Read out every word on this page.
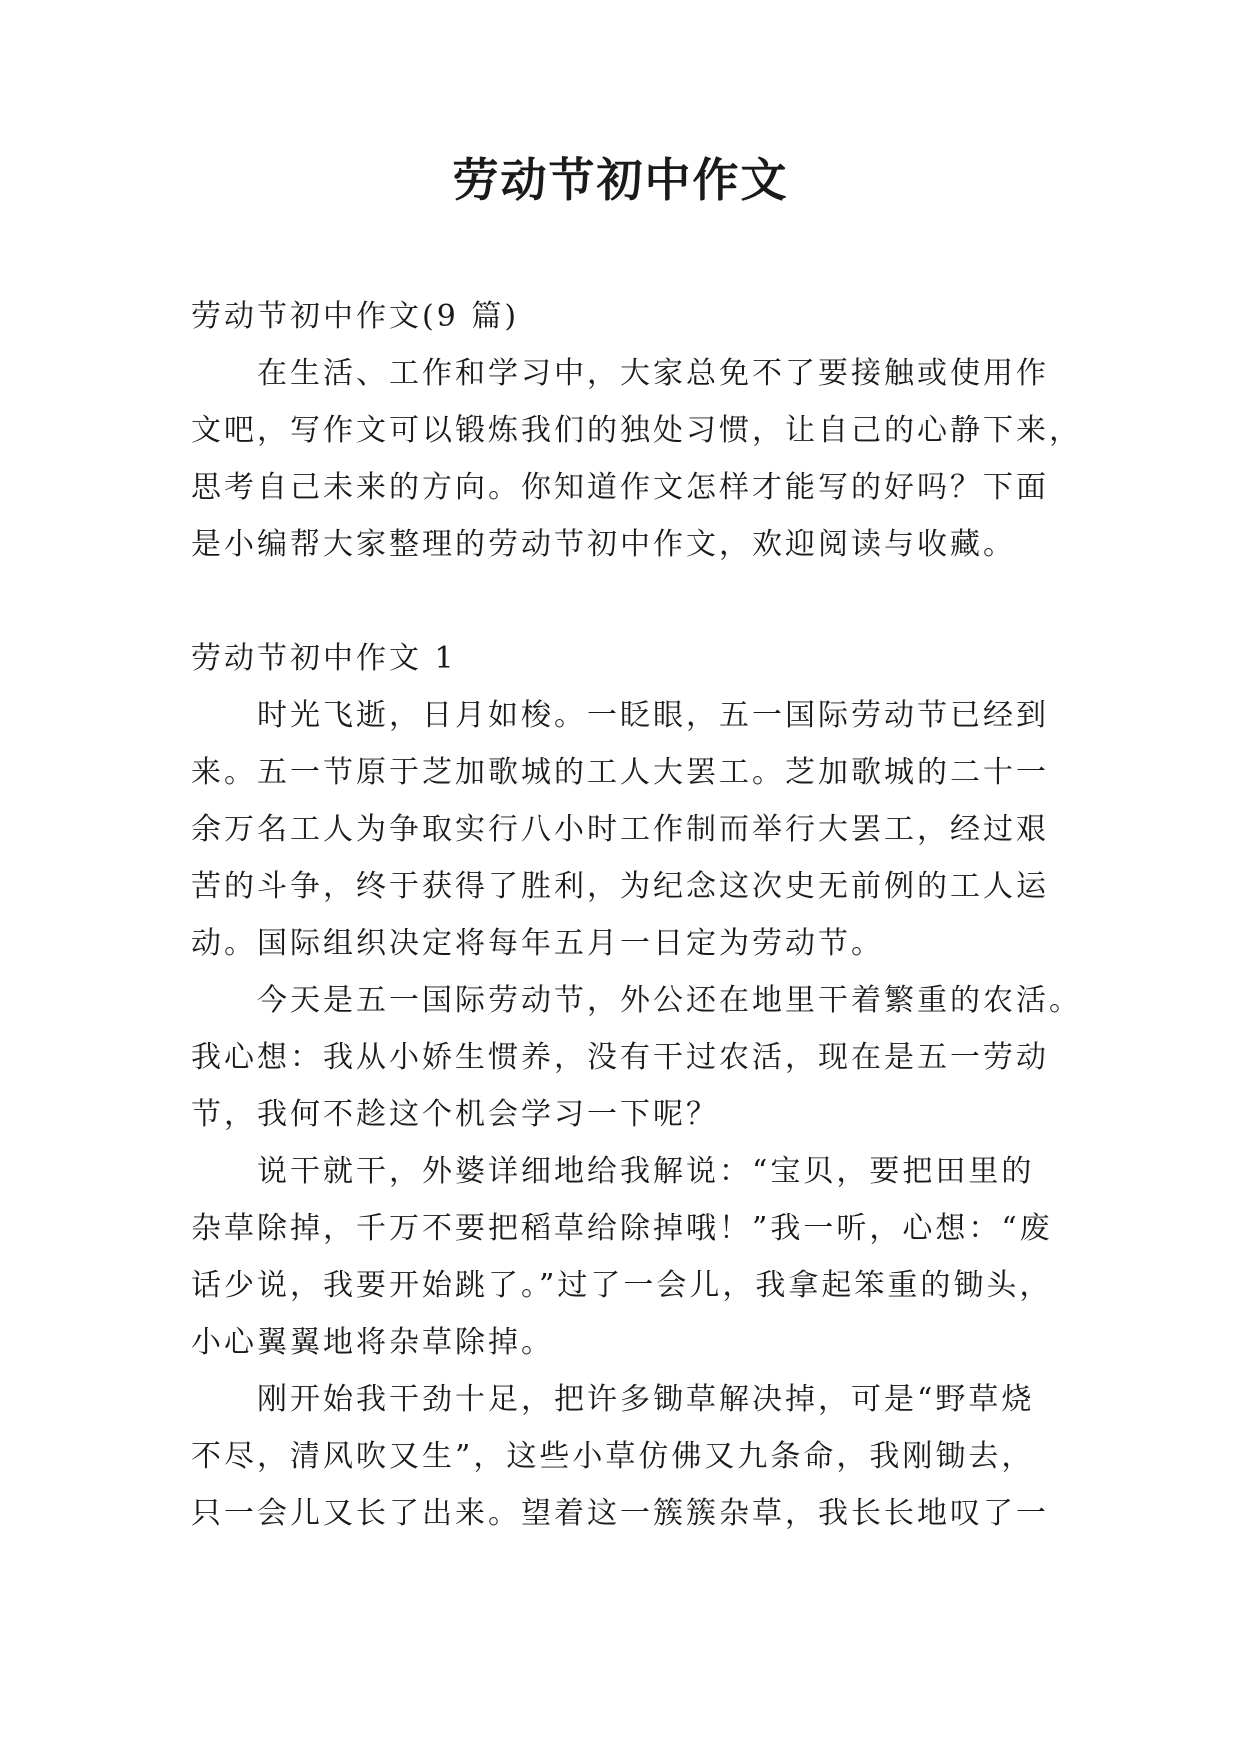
劳动节初中作文

劳动节初中作文(9 篇)

在生活、工作和学习中，大家总免不了要接触或使用作

文吧，写作文可以锻炼我们的独处习惯，让自己的心静下来，

思考自己未来的方向。你知道作文怎样才能写的好吗？下面

是小编帮大家整理的劳动节初中作文，欢迎阅读与收藏。

劳动节初中作文 1

时光飞逝，日月如梭。一眨眼，五一国际劳动节已经到

来。五一节原于芝加歌城的工人大罢工。芝加歌城的二十一

余万名工人为争取实行八小时工作制而举行大罢工，经过艰

苦的斗争，终于获得了胜利，为纪念这次史无前例的工人运

动。国际组织决定将每年五月一日定为劳动节。

今天是五一国际劳动节，外公还在地里干着繁重的农活。

我心想：我从小娇生惯养，没有干过农活，现在是五一劳动

节，我何不趁这个机会学习一下呢？

说干就干，外婆详细地给我解说：“宝贝，要把田里的

杂草除掉，千万不要把稻草给除掉哦！”我一听，心想：“废

话少说，我要开始跳了。”过了一会儿，我拿起笨重的锄头，

小心翼翼地将杂草除掉。

刚开始我干劲十足，把许多锄草解决掉，可是“野草烧

不尽，清风吹又生”，这些小草仿佛又九条命，我刚锄去，

只一会儿又长了出来。望着这一簇簇杂草，我长长地叹了一
